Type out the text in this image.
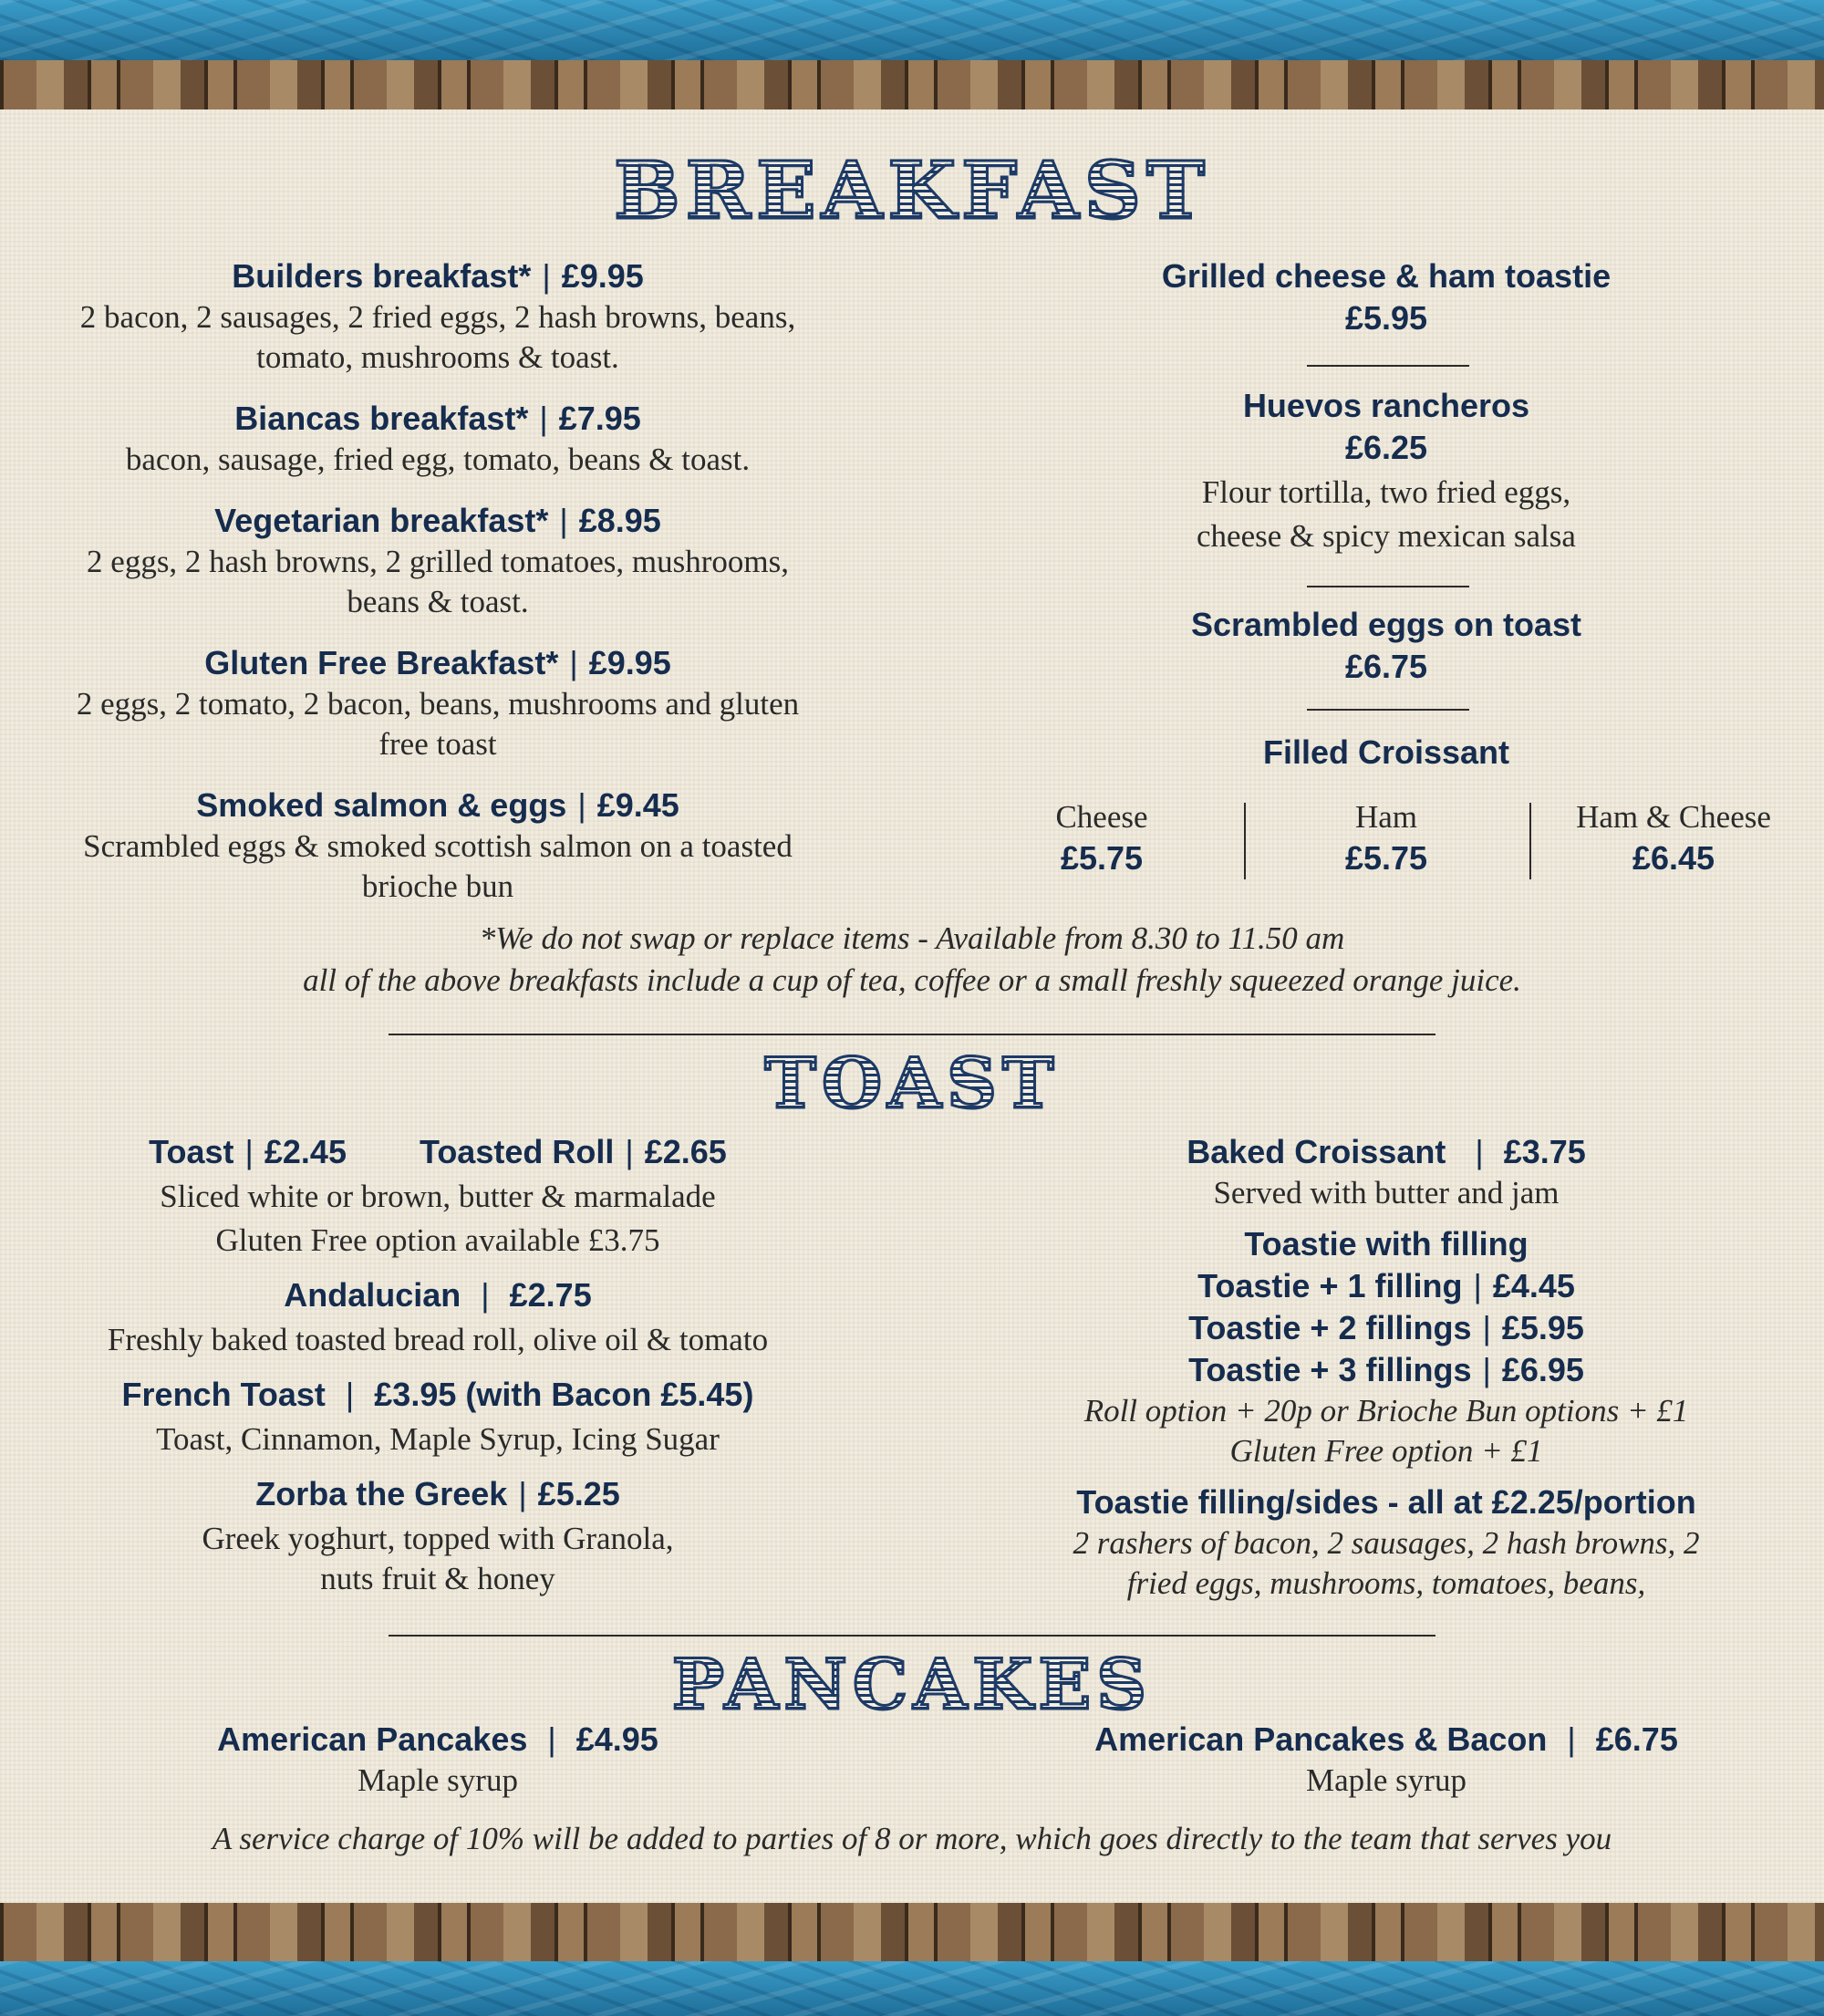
BREAKFAST
Builders breakfast* | £9.95
2 bacon, 2 sausages, 2 fried eggs, 2 hash browns, beans,
tomato, mushrooms & toast.
Biancas breakfast* | £7.95
bacon, sausage, fried egg, tomato, beans & toast.
Vegetarian breakfast* | £8.95
2 eggs, 2 hash browns, 2 grilled tomatoes, mushrooms,
beans & toast.
Gluten Free Breakfast* | £9.95
2 eggs, 2 tomato, 2 bacon, beans, mushrooms and gluten
free toast
Smoked salmon & eggs | £9.45
Scrambled eggs & smoked scottish salmon on a toasted
brioche bun
Grilled cheese & ham toastie
£5.95
Huevos rancheros
£6.25
Flour tortilla, two fried eggs,
cheese & spicy mexican salsa
Scrambled eggs on toast
£6.75
Filled Croissant
Cheese
£5.75
Ham
£5.75
Ham & Cheese
£6.45
*We do not swap or replace items - Available from 8.30 to 11.50 am
all of the above breakfasts include a cup of tea, coffee or a small freshly squeezed orange juice.
TOAST
Toast | £2.45 Toasted Roll | £2.65
Sliced white or brown, butter & marmalade
Gluten Free option available £3.75
Andalucian | £2.75
Freshly baked toasted bread roll, olive oil & tomato
French Toast | £3.95 (with Bacon £5.45)
Toast, Cinnamon, Maple Syrup, Icing Sugar
Zorba the Greek | £5.25
Greek yoghurt, topped with Granola,
nuts fruit & honey
Baked Croissant  | £3.75
Served with butter and jam
Toastie with filling
Toastie + 1 filling | £4.45
Toastie + 2 fillings | £5.95
Toastie + 3 fillings | £6.95
Roll option + 20p or Brioche Bun options + £1
Gluten Free option + £1
Toastie filling/sides - all at £2.25/portion
2 rashers of bacon, 2 sausages, 2 hash browns, 2
fried eggs, mushrooms, tomatoes, beans,
PANCAKES
American Pancakes | £4.95
Maple syrup
American Pancakes & Bacon | £6.75
Maple syrup
A service charge of 10% will be added to parties of 8 or more, which goes directly to the team that serves you
